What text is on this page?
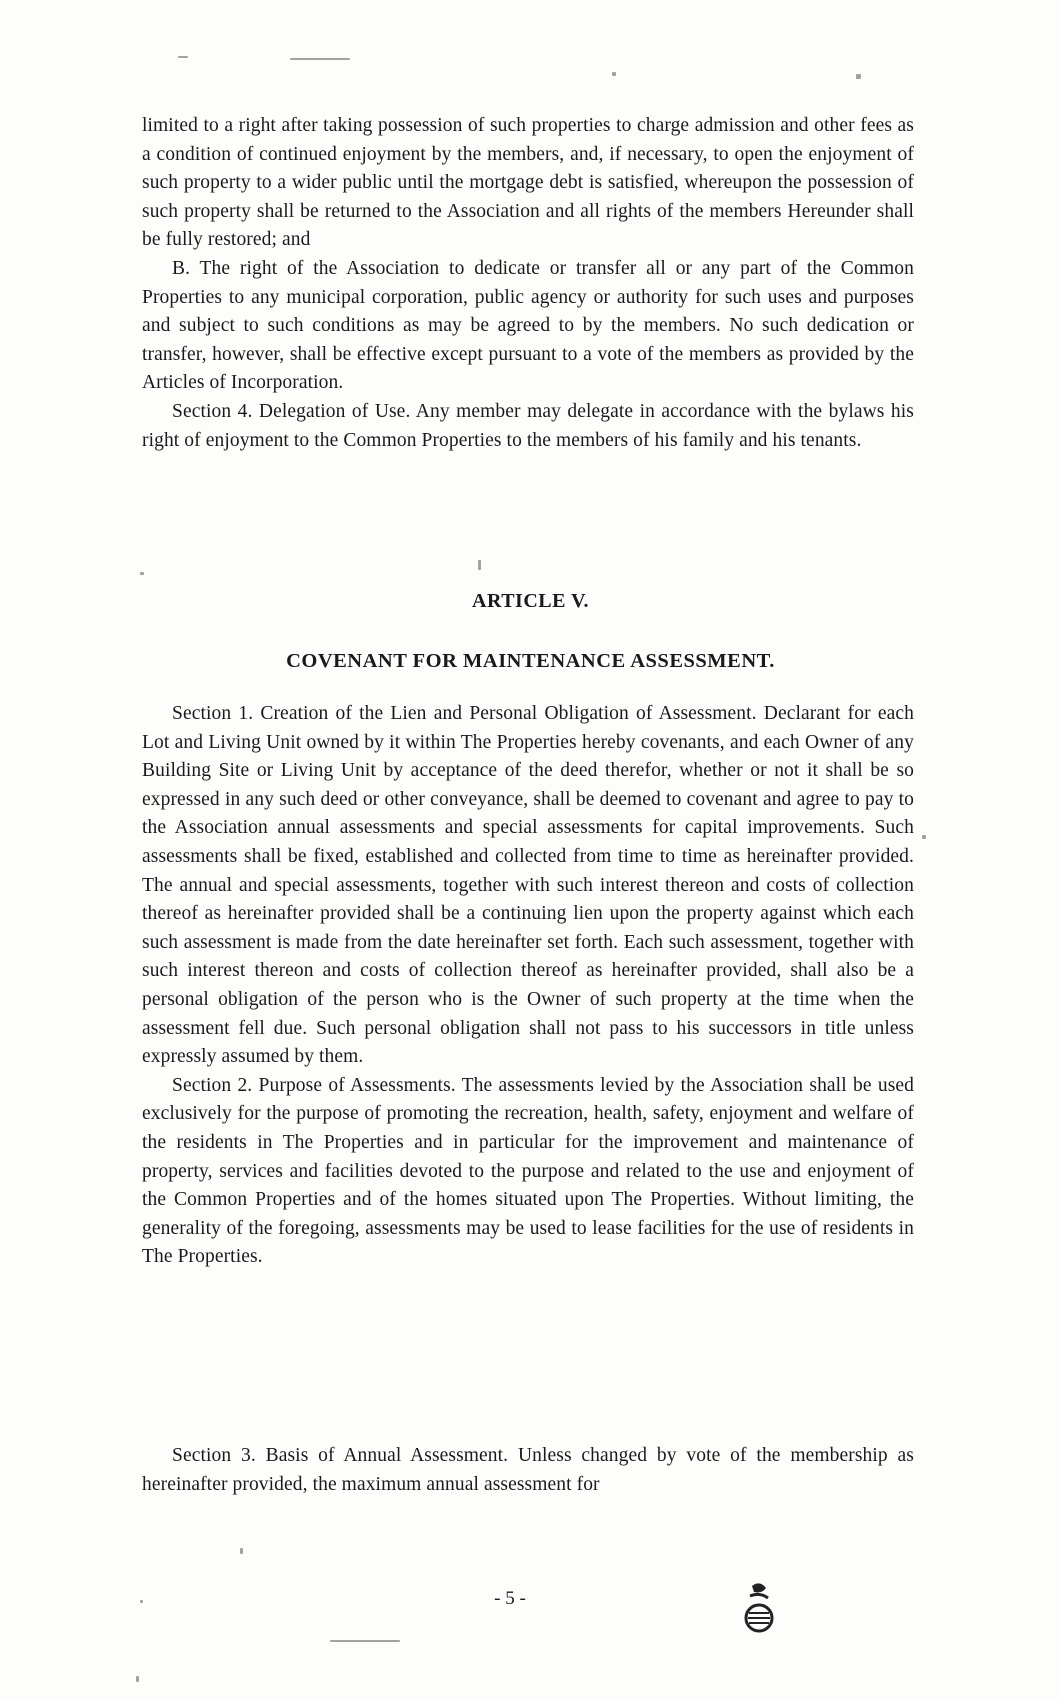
limited to a right after taking possession of such properties to charge admission and other fees as a condition of continued enjoyment by the members, and, if necessary, to open the enjoyment of such property to a wider public until the mortgage debt is satisfied, whereupon the possession of such property shall be returned to the Association and all rights of the members Hereunder shall be fully restored; and

B. The right of the Association to dedicate or transfer all or any part of the Common Properties to any municipal corporation, public agency or authority for such uses and purposes and subject to such conditions as may be agreed to by the members. No such dedication or transfer, however, shall be effective except pursuant to a vote of the members as provided by the Articles of Incorporation.

Section 4. Delegation of Use. Any member may delegate in accordance with the bylaws his right of enjoyment to the Common Properties to the members of his family and his tenants.

ARTICLE V.
COVENANT FOR MAINTENANCE ASSESSMENT.

Section 1. Creation of the Lien and Personal Obligation of Assessment. Declarant for each Lot and Living Unit owned by it within The Properties hereby covenants, and each Owner of any Building Site or Living Unit by acceptance of the deed therefor, whether or not it shall be so expressed in any such deed or other conveyance, shall be deemed to covenant and agree to pay to the Association annual assessments and special assessments for capital improvements. Such assessments shall be fixed, established and collected from time to time as hereinafter provided. The annual and special assessments, together with such interest thereon and costs of collection thereof as hereinafter provided shall be a continuing lien upon the property against which each such assessment is made from the date hereinafter set forth. Each such assessment, together with such interest thereon and costs of collection thereof as hereinafter provided, shall also be a personal obligation of the person who is the Owner of such property at the time when the assessment fell due. Such personal obligation shall not pass to his successors in title unless expressly assumed by them.

Section 2. Purpose of Assessments. The assessments levied by the Association shall be used exclusively for the purpose of promoting the recreation, health, safety, enjoyment and welfare of the residents in The Properties and in particular for the improvement and maintenance of property, services and facilities devoted to the purpose and related to the use and enjoyment of the Common Properties and of the homes situated upon The Properties. Without limiting, the generality of the foregoing, assessments may be used to lease facilities for the use of residents in The Properties.

Section 3. Basis of Annual Assessment. Unless changed by vote of the membership as hereinafter provided, the maximum annual assessment for

- 5 -
